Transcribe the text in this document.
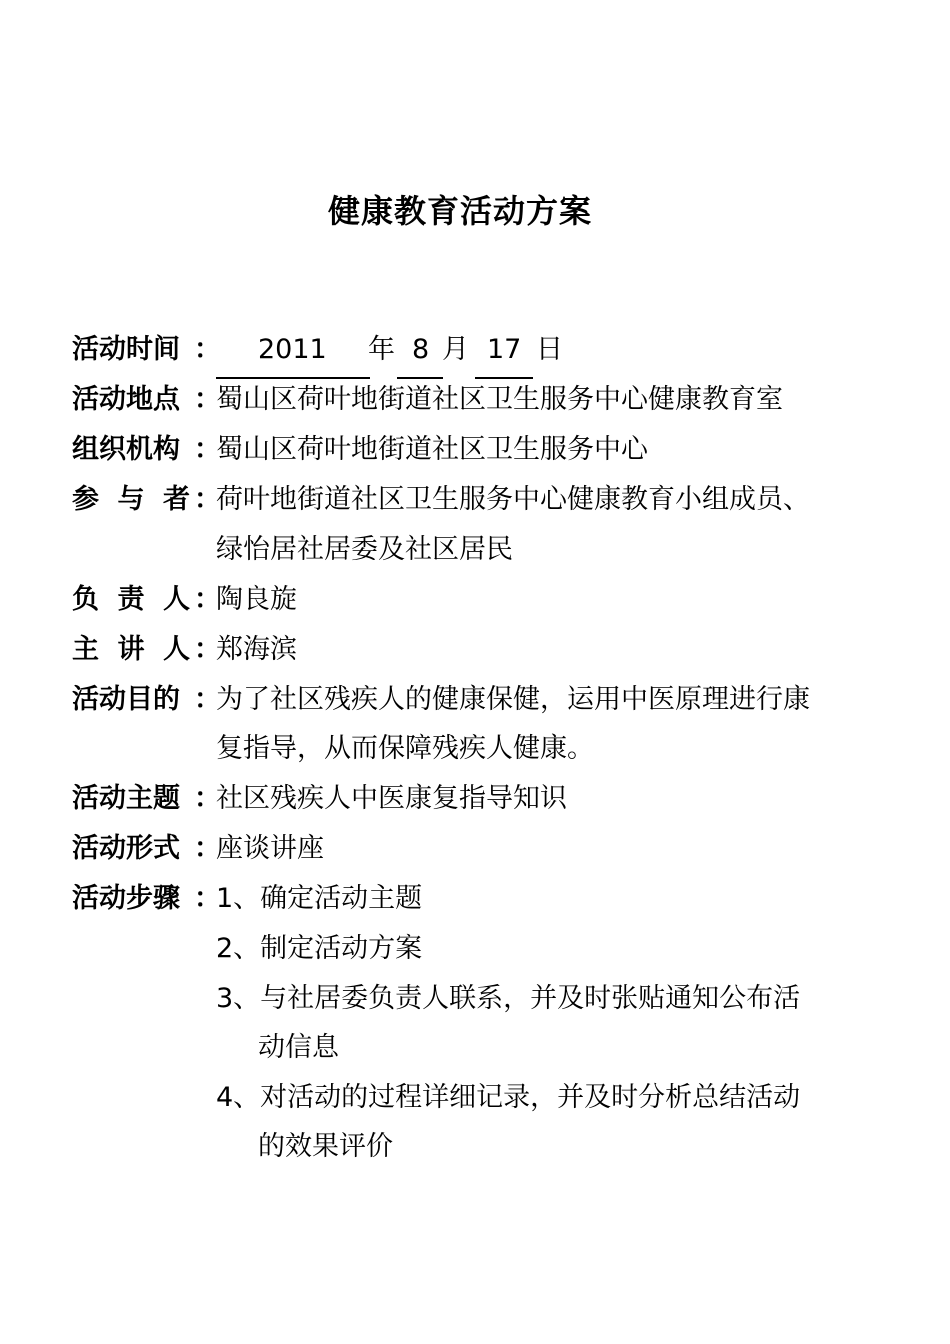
健康教育活动方案
活动时间 ： 2011 年 8 月 17 日
活动地点 ：
蜀山区荷叶地街道社区卫生服务中心健康教育室
组织机构 ：
蜀山区荷叶地街道社区卫生服务中心
参 与 者 ：
荷叶地街道社区卫生服务中心健康教育小组成员、
绿怡居社居委及社区居民
负 责 人 ：
陶良旋
主 讲 人 ：
郑海滨
活动目的 ：
为了社区残疾人的健康保健，运用中医原理进行康
复指导，从而保障残疾人健康。
活动主题 ：
社区残疾人中医康复指导知识
活动形式 ：
座谈讲座
活动步骤 ：
1、确定活动主题
2、制定活动方案
3、与社居委负责人联系，并及时张贴通知公布活
动信息
4、对活动的过程详细记录，并及时分析总结活动
的效果评价
